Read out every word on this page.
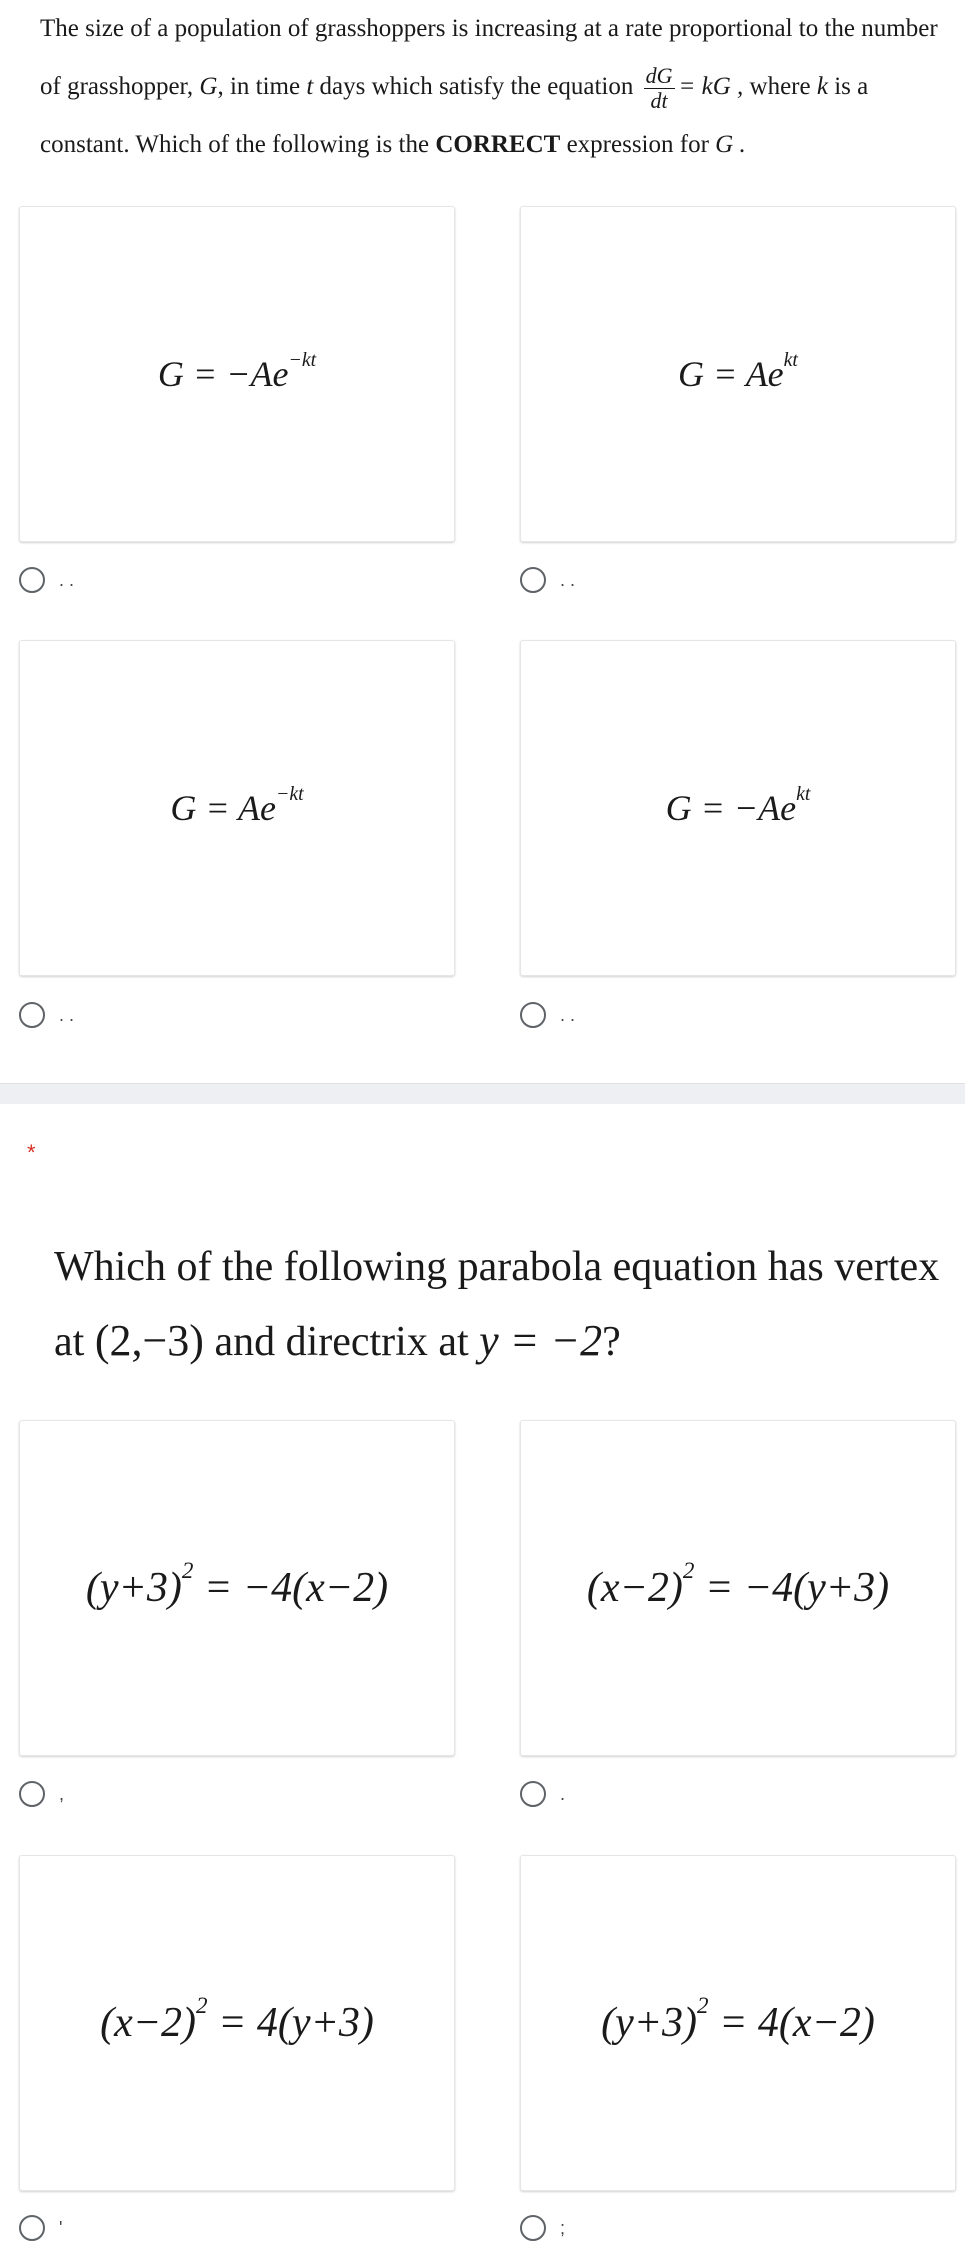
The size of a population of grasshoppers is increasing at a rate proportional to the number of grasshopper, G, in time t days which satisfy the equation $\frac{dG}{dt}$ = kG , where k is a constant. Which of the following is the CORRECT expression for G .
$G = -Ae^{-kt}$
. .
$G = Ae^{kt}$
. .
$G = Ae^{-kt}$
. .
$G = -Ae^{kt}$
. .
*
Which of the following parabola equation has vertex at (2,−3) and directrix at y = −2?
$(y+3)^2 = -4(x-2)$
,
$(x-2)^2 = -4(y+3)$
.
$(x-2)^2 = 4(y+3)$
'
$(y+3)^2 = 4(x-2)$
;
